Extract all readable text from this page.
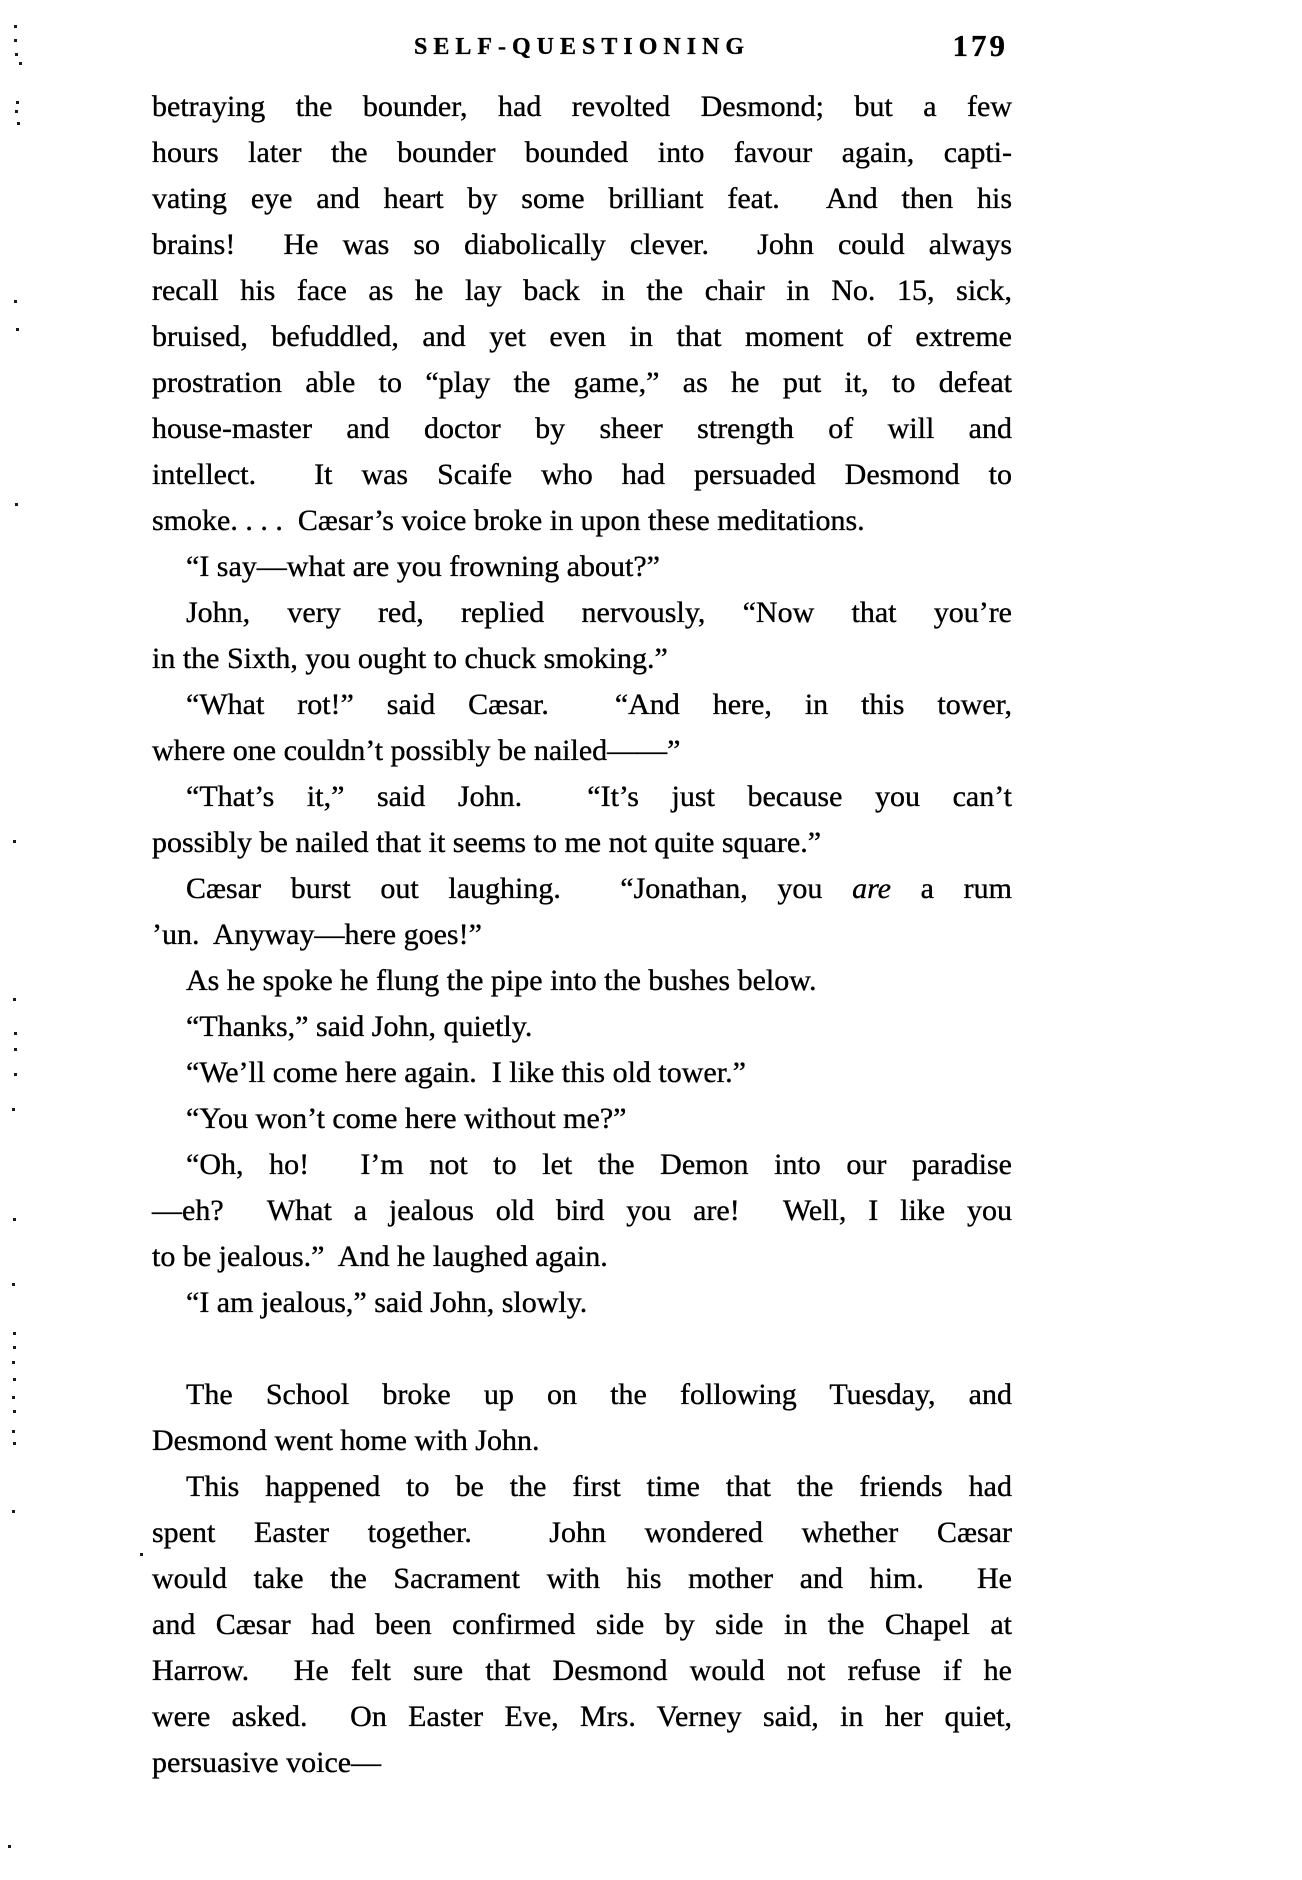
SELF-QUESTIONING	179
betraying the bounder, had revolted Desmond; but a few
hours later the bounder bounded into favour again, capti-
vating eye and heart by some brilliant feat.  And then his
brains!  He was so diabolically clever.  John could always
recall his face as he lay back in the chair in No. 15, sick,
bruised, befuddled, and yet even in that moment of extreme
prostration able to “play the game,” as he put it, to defeat
house-master and doctor by sheer strength of will and
intellect.  It was Scaife who had persuaded Desmond to
smoke. . . .  Cæsar’s voice broke in upon these meditations.
“I say—what are you frowning about?”
John, very red, replied nervously, “Now that you’re
in the Sixth, you ought to chuck smoking.”
“What rot!” said Cæsar.  “And here, in this tower,
where one couldn’t possibly be nailed——”
“That’s it,” said John.  “It’s just because you can’t
possibly be nailed that it seems to me not quite square.”
Cæsar burst out laughing.  “Jonathan, you are a rum
’un.  Anyway—here goes!”
As he spoke he flung the pipe into the bushes below.
“Thanks,” said John, quietly.
“We’ll come here again.  I like this old tower.”
“You won’t come here without me?”
“Oh, ho!  I’m not to let the Demon into our paradise
—eh?  What a jealous old bird you are!  Well, I like you
to be jealous.”  And he laughed again.
“I am jealous,” said John, slowly.
The School broke up on the following Tuesday, and
Desmond went home with John.
This happened to be the first time that the friends had
spent Easter together.  John wondered whether Cæsar
would take the Sacrament with his mother and him.  He
and Cæsar had been confirmed side by side in the Chapel at
Harrow.  He felt sure that Desmond would not refuse if he
were asked.  On Easter Eve, Mrs. Verney said, in her quiet,
persuasive voice—
